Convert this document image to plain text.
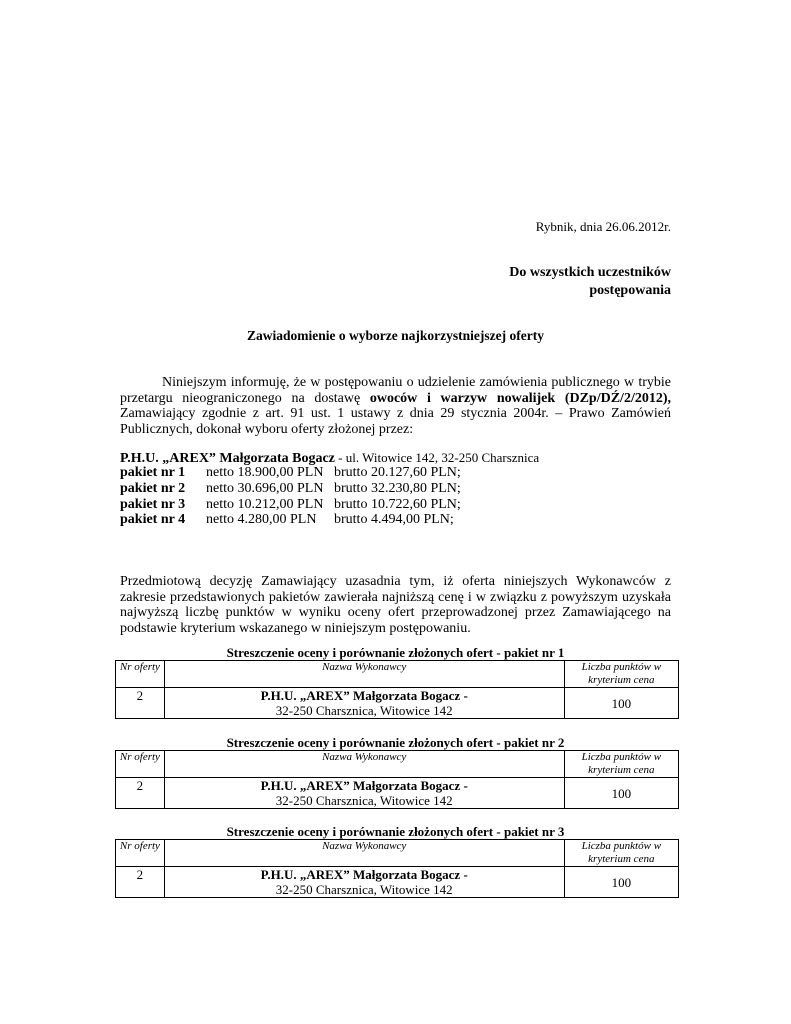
Rybnik, dnia 26.06.2012r.
Do wszystkich uczestników
postępowania
Zawiadomienie o wyborze najkorzystniejszej oferty
Niniejszym informuję, że w postępowaniu o udzielenie zamówienia publicznego w trybie przetargu nieograniczonego na dostawę owoców i warzyw nowalijek (DZp/DŹ/2/2012), Zamawiający zgodnie z art. 91 ust. 1 ustawy z dnia 29 stycznia 2004r. – Prawo Zamówień Publicznych, dokonał wyboru oferty złożonej przez:
P.H.U. „AREX” Małgorzata Bogacz - ul. Witowice 142, 32-250 Charsznica
pakiet nr 1 netto 18.900,00 PLN brutto 20.127,60 PLN;
pakiet nr 2 netto 30.696,00 PLN brutto 32.230,80 PLN;
pakiet nr 3 netto 10.212,00 PLN brutto 10.722,60 PLN;
pakiet nr 4 netto 4.280,00 PLN brutto 4.494,00 PLN;
Przedmiotową decyzję Zamawiający uzasadnia tym, iż oferta niniejszych Wykonawców z zakresie przedstawionych pakietów zawierała najniższą cenę i w związku z powyższym uzyskała najwyższą liczbę punktów w wyniku oceny ofert przeprowadzonej przez Zamawiającego na podstawie kryterium wskazanego w niniejszym postępowaniu.
Streszczenie oceny i porównanie złożonych ofert - pakiet nr 1
Nr oferty	Nazwa Wykonawcy	Liczba punktów w
kryterium cena
2	P.H.U. „AREX” Małgorzata Bogacz -
32-250 Charsznica, Witowice 142	100
Streszczenie oceny i porównanie złożonych ofert - pakiet nr 2
Nr oferty	Nazwa Wykonawcy	Liczba punktów w
kryterium cena
2	P.H.U. „AREX” Małgorzata Bogacz -
32-250 Charsznica, Witowice 142	100
Streszczenie oceny i porównanie złożonych ofert - pakiet nr 3
Nr oferty	Nazwa Wykonawcy	Liczba punktów w
kryterium cena
2	P.H.U. „AREX” Małgorzata Bogacz -
32-250 Charsznica, Witowice 142	100
